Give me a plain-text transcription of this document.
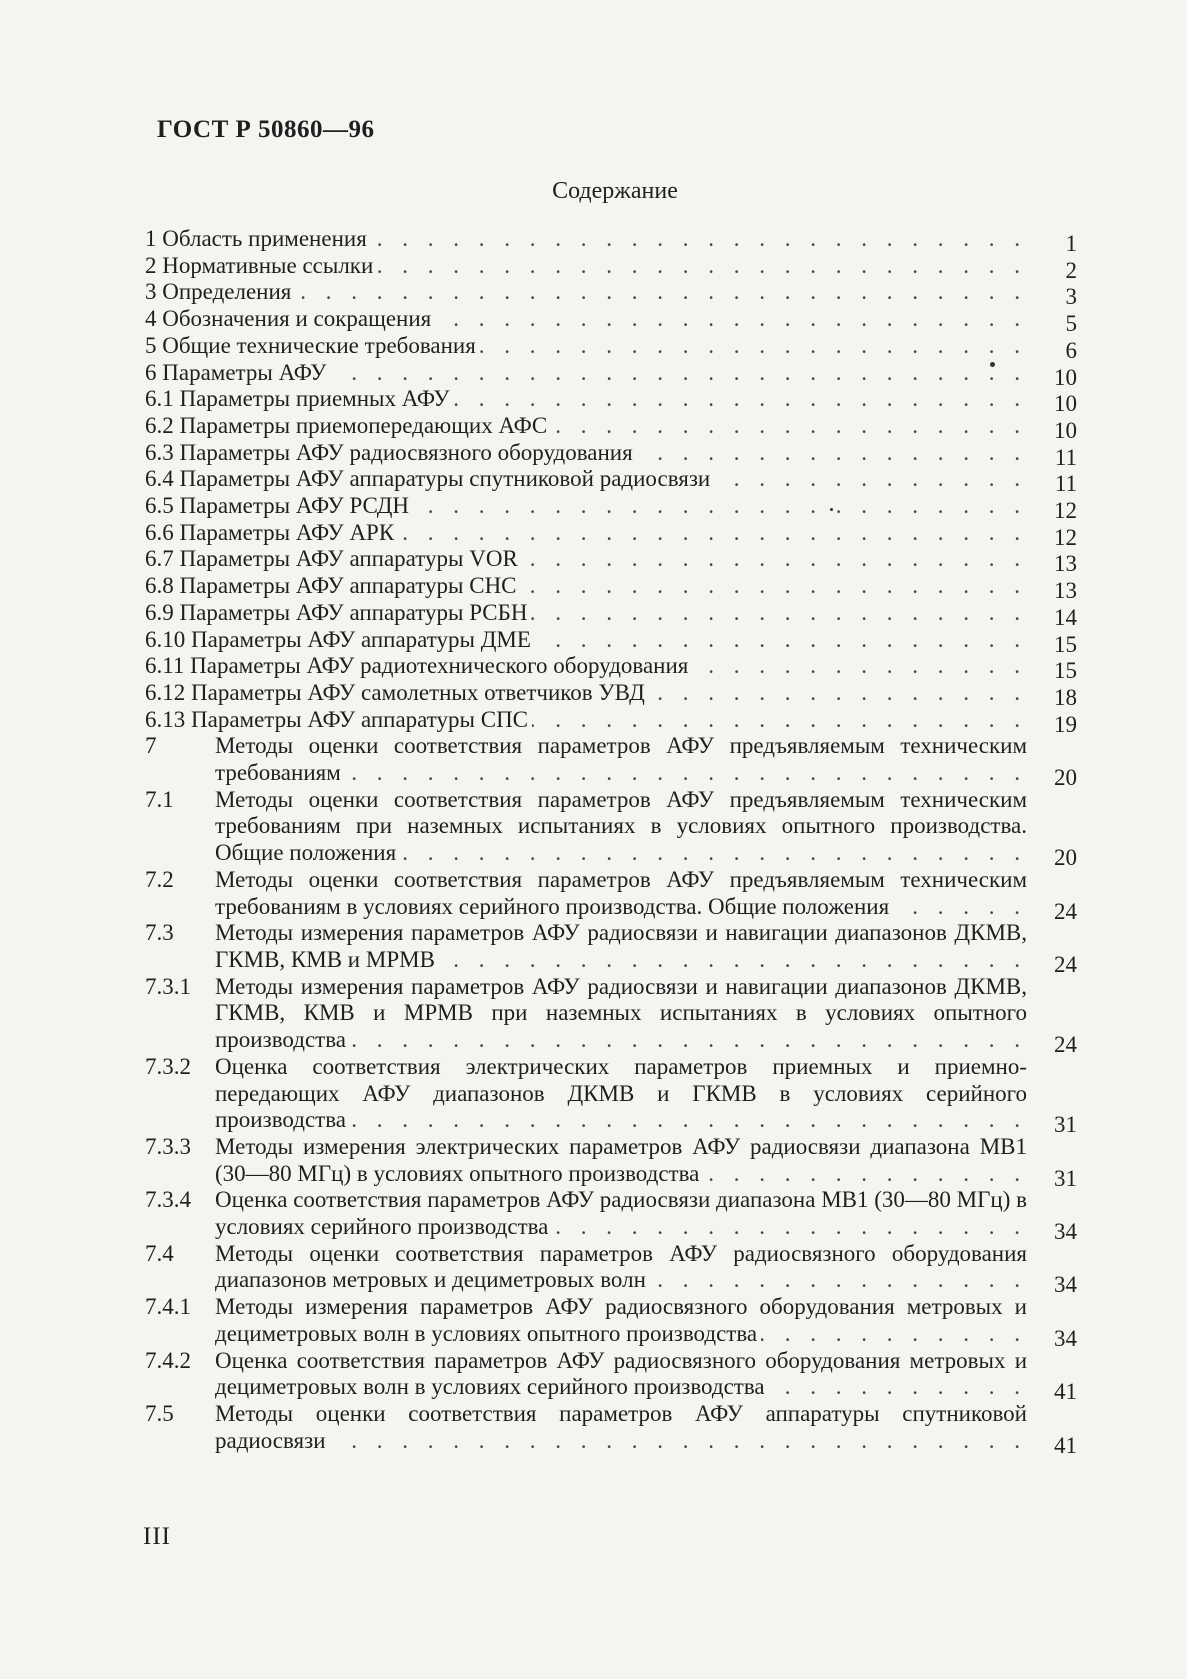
ГОСТ Р 50860—96
Содержание
1 Область применения . . .	1
2 Нормативные ссылки . . .	2
3 Определения . . .	3
4 Обозначения и сокращения . . .	5
5 Общие технические требования . . .	6
6 Параметры АФУ . . .	10
6.1 Параметры приемных АФУ . . .	10
6.2 Параметры приемопередающих АФС . . .	10
6.3 Параметры АФУ радиосвязного оборудования . . .	11
6.4 Параметры АФУ аппаратуры спутниковой радиосвязи . . .	11
6.5 Параметры АФУ РСДН . . .	12
6.6 Параметры АФУ АРК . . .	12
6.7 Параметры АФУ аппаратуры VOR . . .	13
6.8 Параметры АФУ аппаратуры СНС . . .	13
6.9 Параметры АФУ аппаратуры РСБН . . .	14
6.10 Параметры АФУ аппаратуры ДМЕ . . .	15
6.11 Параметры АФУ радиотехнического оборудования . . .	15
6.12 Параметры АФУ самолетных ответчиков УВД . . .	18
6.13 Параметры АФУ аппаратуры СПС . . .	19
7	Методы оценки соответствия параметров АФУ предъявляемым техническим требованиям . . .	20
7.1	Методы оценки соответствия параметров АФУ предъявляемым техническим требованиям при наземных испытаниях в условиях опытного производства. Общие положения . . .	20
7.2	Методы оценки соответствия параметров АФУ предъявляемым техническим требованиям в условиях серийного производства. Общие положения . . .	24
7.3	Методы измерения параметров АФУ радиосвязи и навигации диапазонов ДКМВ, ГКМВ, КМВ и МРМВ . . .	24
7.3.1	Методы измерения параметров АФУ радиосвязи и навигации диапазонов ДКМВ, ГКМВ, КМВ и МРМВ при наземных испытаниях в условиях опытного производства . . .	24
7.3.2	Оценка соответствия электрических параметров приемных и приемно-передающих АФУ диапазонов ДКМВ и ГКМВ в условиях серийного производства . . .	31
7.3.3	Методы измерения электрических параметров АФУ радиосвязи диапазона МВ1 (30—80 МГц) в условиях опытного производства . . .	31
7.3.4	Оценка соответствия параметров АФУ радиосвязи диапазона МВ1 (30—80 МГц) в условиях серийного производства . . .	34
7.4	Методы оценки соответствия параметров АФУ радиосвязного оборудования диапазонов метровых и дециметровых волн . . .	34
7.4.1	Методы измерения параметров АФУ радиосвязного оборудования метровых и дециметровых волн в условиях опытного производства . . .	34
7.4.2	Оценка соответствия параметров АФУ радиосвязного оборудования метровых и дециметровых волн в условиях серийного производства . . .	41
7.5	Методы оценки соответствия параметров АФУ аппаратуры спутниковой радиосвязи . . .	41
III
